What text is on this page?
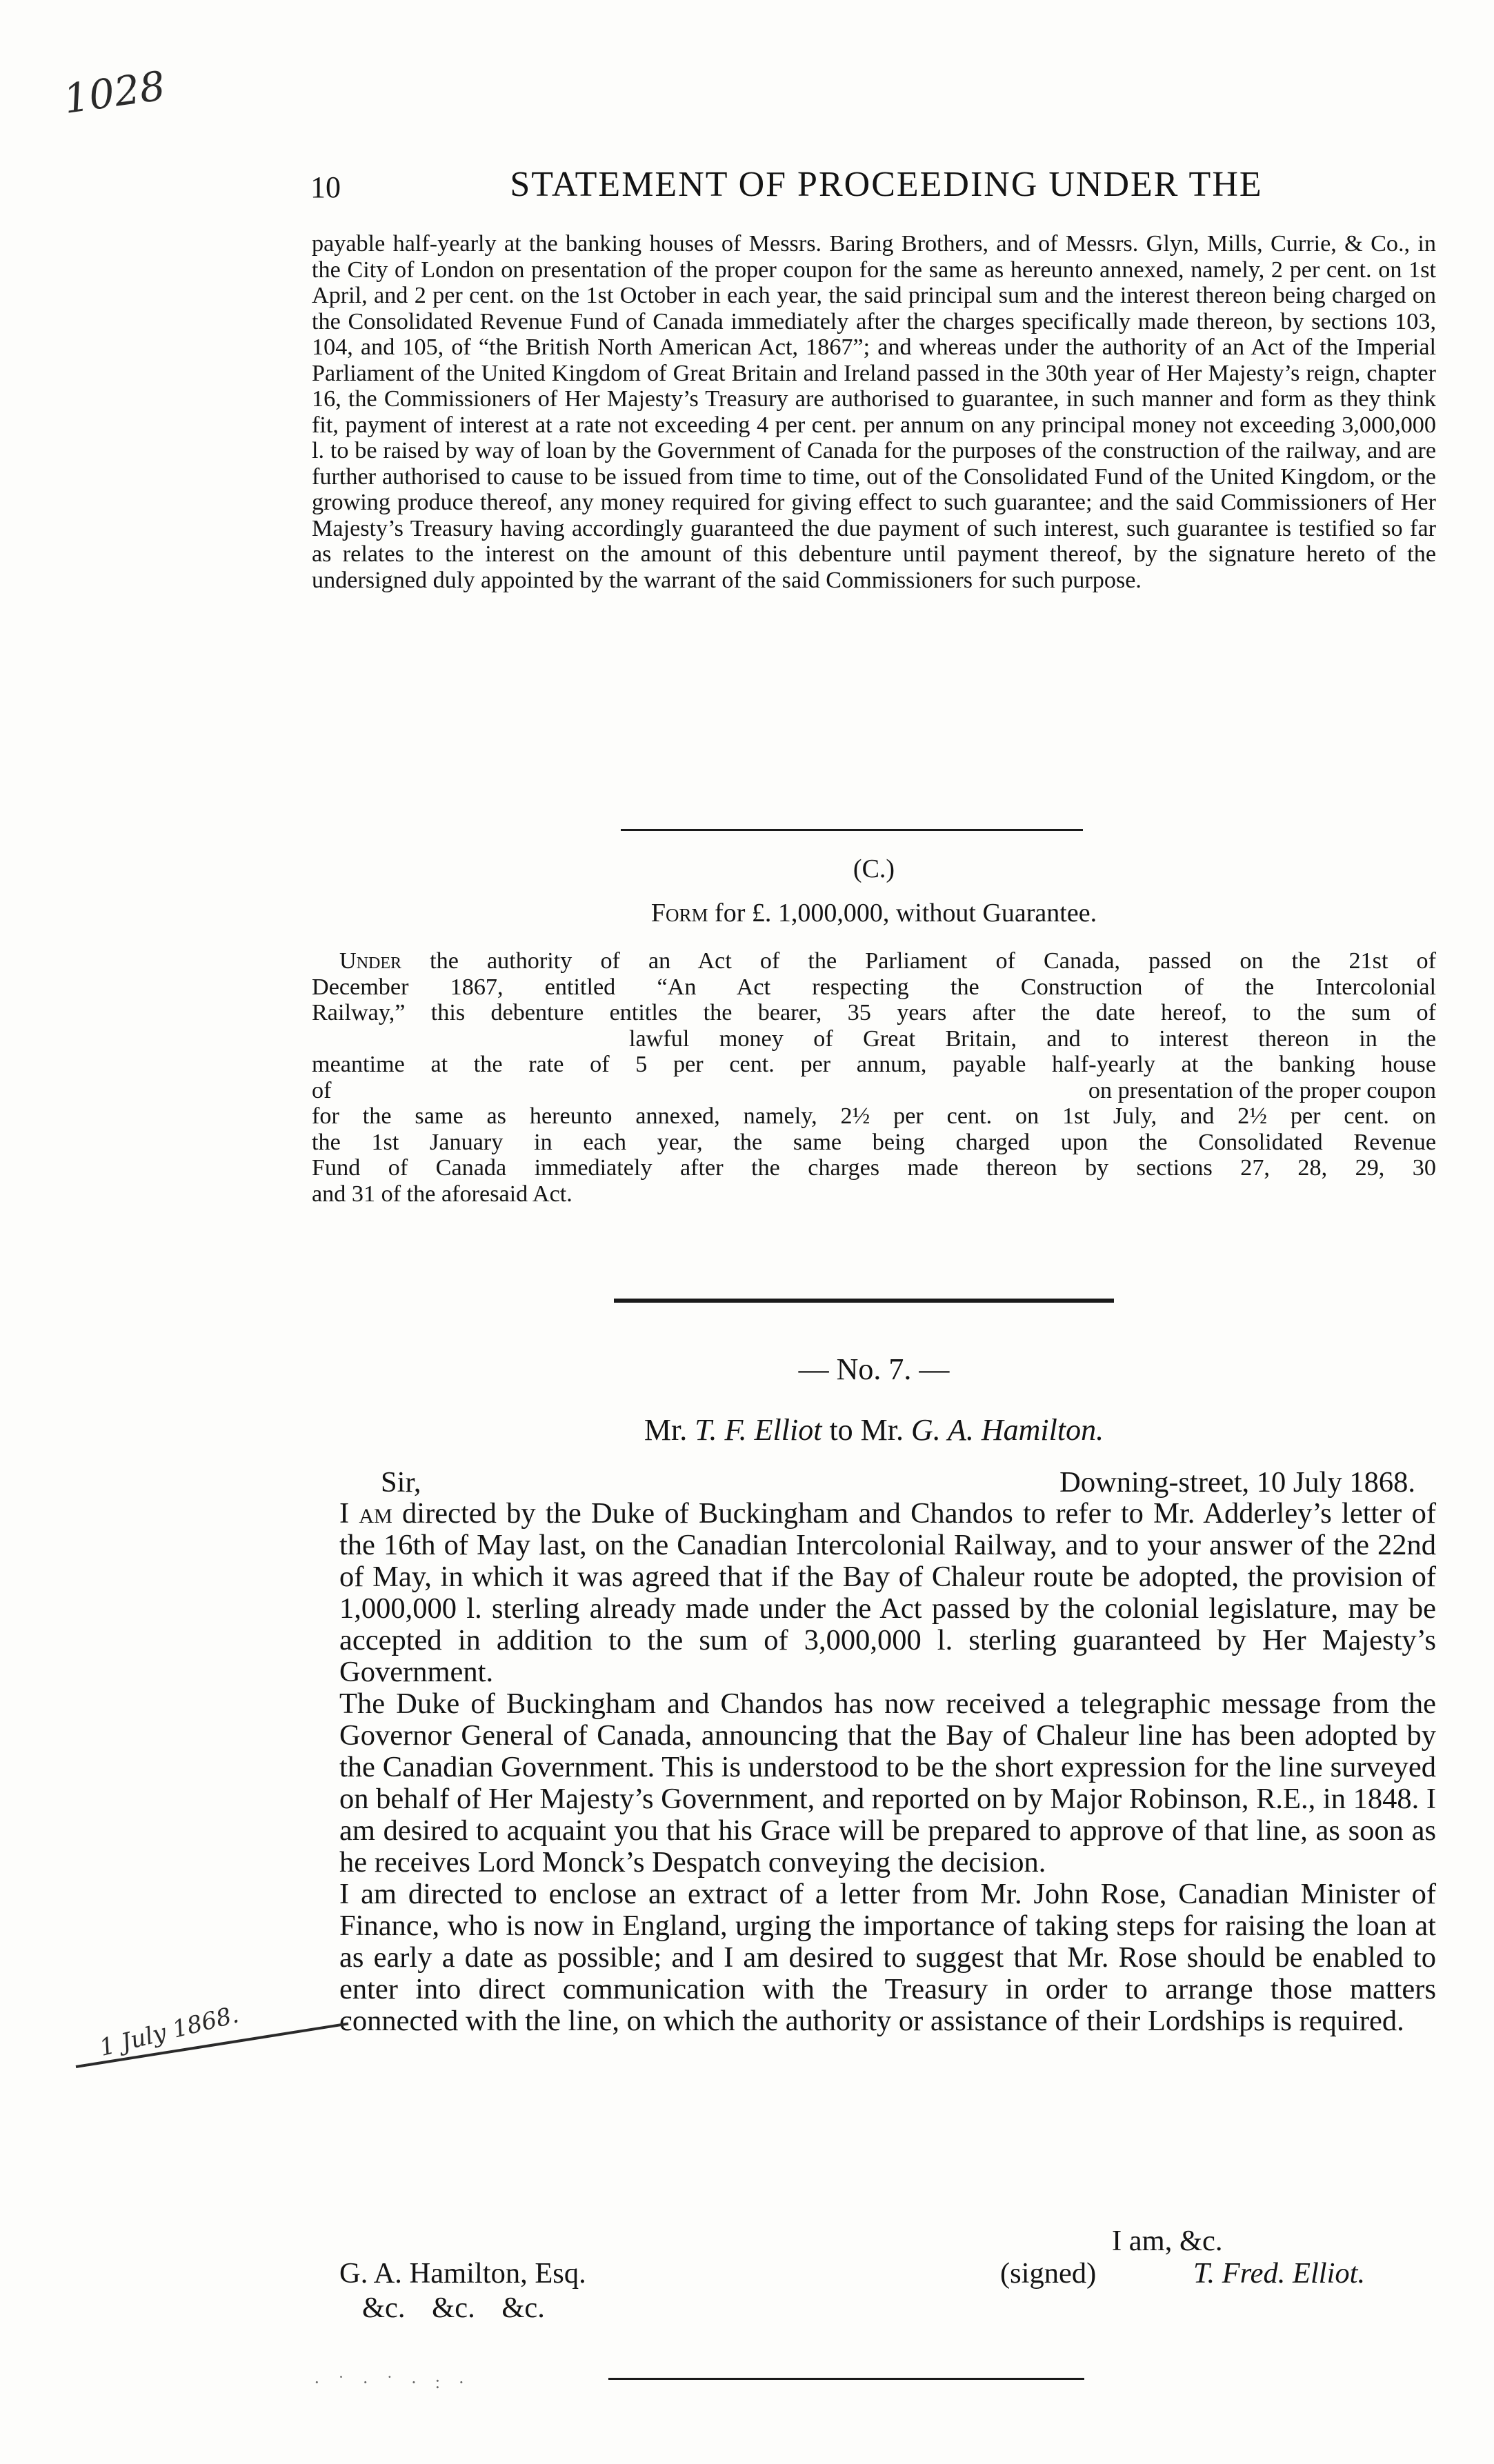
1028
10	STATEMENT OF PROCEEDING UNDER THE
payable half-yearly at the banking houses of Messrs. Baring Brothers, and of Messrs. Glyn, Mills, Currie, & Co., in the City of London on presentation of the proper coupon for the same as hereunto annexed, namely, 2 per cent. on 1st April, and 2 per cent. on the 1st October in each year, the said principal sum and the interest thereon being charged on the Consolidated Revenue Fund of Canada immediately after the charges specifically made thereon, by sections 103, 104, and 105, of “the British North American Act, 1867”; and whereas under the authority of an Act of the Imperial Parliament of the United Kingdom of Great Britain and Ireland passed in the 30th year of Her Majesty’s reign, chapter 16, the Commissioners of Her Majesty’s Treasury are authorised to guarantee, in such manner and form as they think fit, payment of interest at a rate not exceeding 4 per cent. per annum on any principal money not exceeding 3,000,000 l. to be raised by way of loan by the Government of Canada for the purposes of the construction of the railway, and are further authorised to cause to be issued from time to time, out of the Consolidated Fund of the United Kingdom, or the growing produce thereof, any money required for giving effect to such guarantee; and the said Commissioners of Her Majesty’s Treasury having accordingly guaranteed the due payment of such interest, such guarantee is testified so far as relates to the interest on the amount of this debenture until payment thereof, by the signature hereto of the undersigned duly appointed by the warrant of the said Commissioners for such purpose.
(C.)
Form for £. 1,000,000, without Guarantee.
Under the authority of an Act of the Parliament of Canada, passed on the 21st of
December 1867, entitled “An Act respecting the Construction of the Intercolonial
Railway,” this debenture entitles the bearer, 35 years after the date hereof, to the sum of
lawful money of Great Britain, and to interest thereon in the
meantime at the rate of 5 per cent. per annum, payable half-yearly at the banking house
of	on presentation of the proper coupon
for the same as hereunto annexed, namely, 2½ per cent. on 1st July, and 2½ per cent. on
the 1st January in each year, the same being charged upon the Consolidated Revenue
Fund of Canada immediately after the charges made thereon by sections 27, 28, 29, 30
and 31 of the aforesaid Act.
— No. 7. —
Mr. T. F. Elliot to Mr. G. A. Hamilton.
Sir,	Downing-street, 10 July 1868.

I am directed by the Duke of Buckingham and Chandos to refer to Mr. Adderley’s letter of the 16th of May last, on the Canadian Intercolonial Railway, and to your answer of the 22nd of May, in which it was agreed that if the Bay of Chaleur route be adopted, the provision of 1,000,000 l. sterling already made under the Act passed by the colonial legislature, may be accepted in addition to the sum of 3,000,000 l. sterling guaranteed by Her Majesty’s Government.

The Duke of Buckingham and Chandos has now received a telegraphic message from the Governor General of Canada, announcing that the Bay of Chaleur line has been adopted by the Canadian Government. This is understood to be the short expression for the line surveyed on behalf of Her Majesty’s Government, and reported on by Major Robinson, R.E., in 1848. I am desired to acquaint you that his Grace will be prepared to approve of that line, as soon as he receives Lord Monck’s Despatch conveying the decision.

I am directed to enclose an extract of a letter from Mr. John Rose, Canadian Minister of Finance, who is now in England, urging the importance of taking steps for raising the loan at as early a date as possible; and I am desired to suggest that Mr. Rose should be enabled to enter into direct communication with the Treasury in order to arrange those matters connected with the line, on which the authority or assistance of their Lordships is required.

1 July 1868.
I am, &c.
G. A. Hamilton, Esq.	(signed)	T. Fred. Elliot.
&c. &c. &c.
· ˙ · ˙ · : ·
